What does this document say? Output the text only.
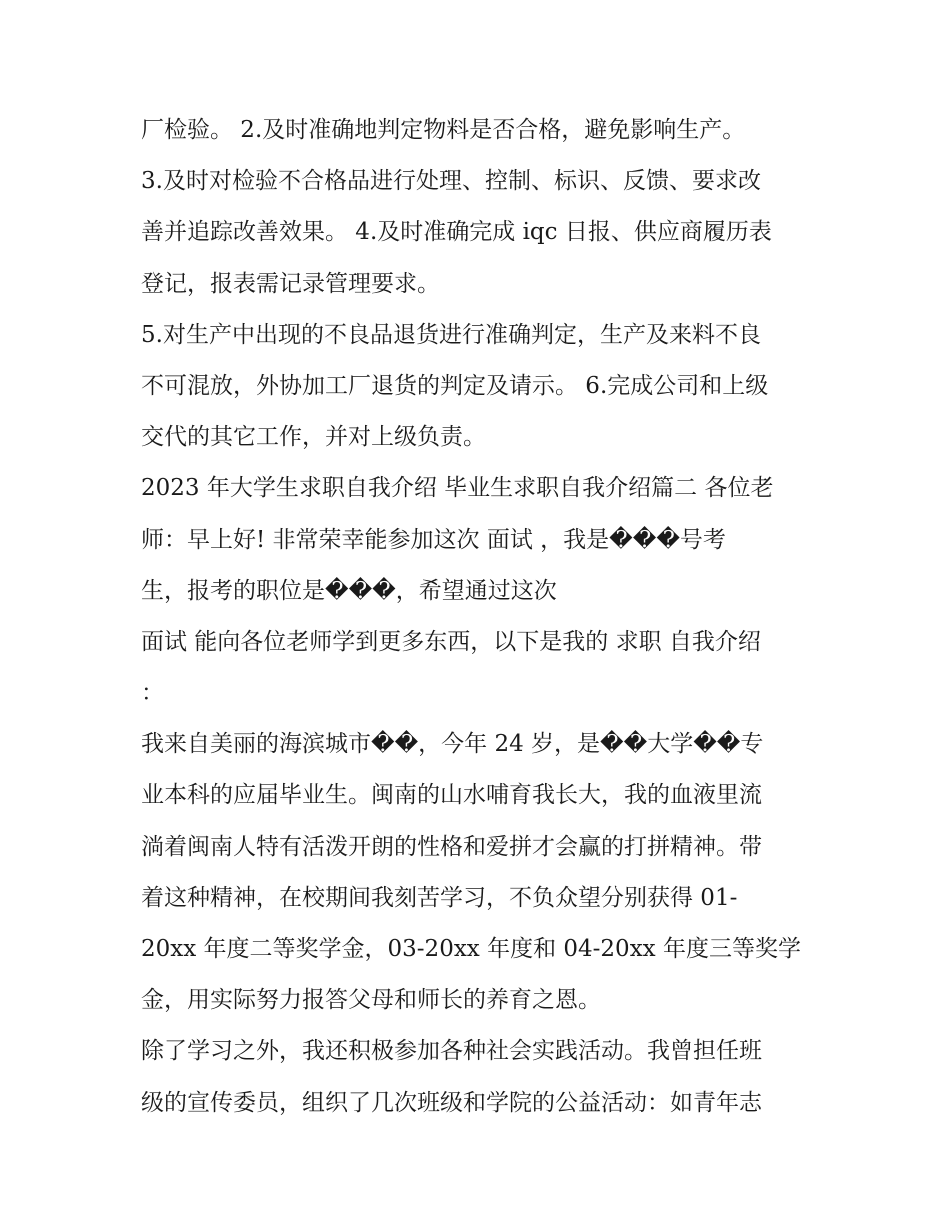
厂检验。 2.及时准确地判定物料是否合格，避免影响生产。
3.及时对检验不合格品进行处理、控制、标识、反馈、要求改
善并追踪改善效果。 4.及时准确完成 iqc 日报、供应商履历表
登记，报表需记录管理要求。
5.对生产中出现的不良品退货进行准确判定，生产及来料不良
不可混放，外协加工厂退货的判定及请示。 6.完成公司和上级
交代的其它工作，并对上级负责。
2023 年大学生求职自我介绍 毕业生求职自我介绍篇二 各位老
师：早上好! 非常荣幸能参加这次 面试 ，我是���号考
生，报考的职位是���，希望通过这次
面试 能向各位老师学到更多东西，以下是我的 求职 自我介绍
：
我来自美丽的海滨城市��，今年 24 岁，是��大学��专
业本科的应届毕业生。闽南的山水哺育我长大，我的血液里流
淌着闽南人特有活泼开朗的性格和爱拼才会赢的打拼精神。带
着这种精神，在校期间我刻苦学习，不负众望分别获得 01-
20xx 年度二等奖学金，03-20xx 年度和 04-20xx 年度三等奖学
金，用实际努力报答父母和师长的养育之恩。
除了学习之外，我还积极参加各种社会实践活动。我曾担任班
级的宣传委员，组织了几次班级和学院的公益活动：如青年志
